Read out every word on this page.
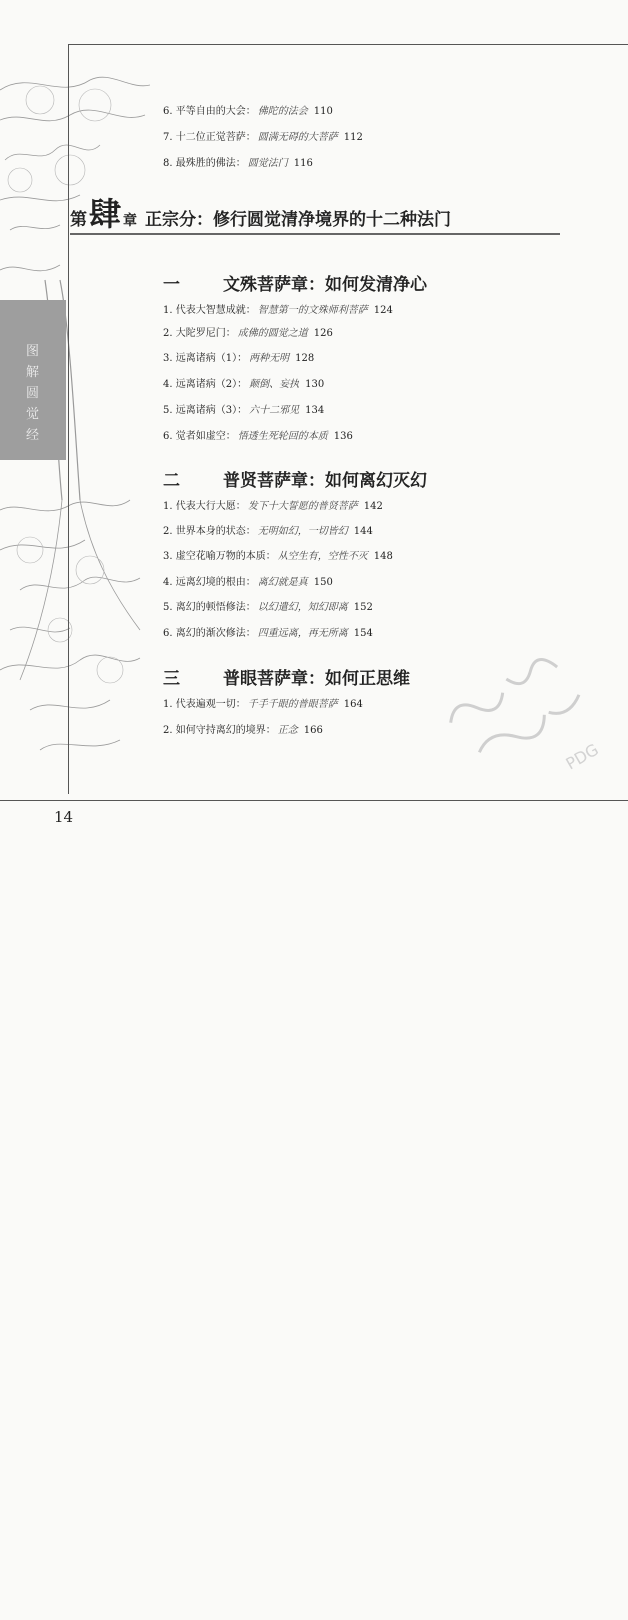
图
解
圆
觉
经
6. 平等自由的大会： 佛陀的法会 110
7. 十二位正觉菩萨： 圆满无碍的大菩萨 112
8. 最殊胜的佛法： 圆觉法门 116
第 肆 章 正宗分：修行圆觉清净境界的十二种法门
一	文殊菩萨章：如何发清净心
1. 代表大智慧成就： 智慧第一的文殊师利菩萨 124
2. 大陀罗尼门： 成佛的圆觉之道 126
3. 远离诸病（1）： 两种无明 128
4. 远离诸病（2）： 颠倒、妄执 130
5. 远离诸病（3）： 六十二邪见 134
6. 觉者如虚空： 悟透生死轮回的本质 136
二	普贤菩萨章：如何离幻灭幻
1. 代表大行大愿： 发下十大誓愿的普贤菩萨 142
2. 世界本身的状态： 无明如幻，一切皆幻 144
3. 虚空花喻万物的本质： 从空生有，空性不灭 148
4. 远离幻境的根由： 离幻就是真 150
5. 离幻的顿悟修法： 以幻遣幻，知幻即离 152
6. 离幻的渐次修法： 四重远离，再无所离 154
三	普眼菩萨章：如何正思维
1. 代表遍观一切： 千手千眼的普眼菩萨 164
2. 如何守持离幻的境界： 正念 166
PDG
14
